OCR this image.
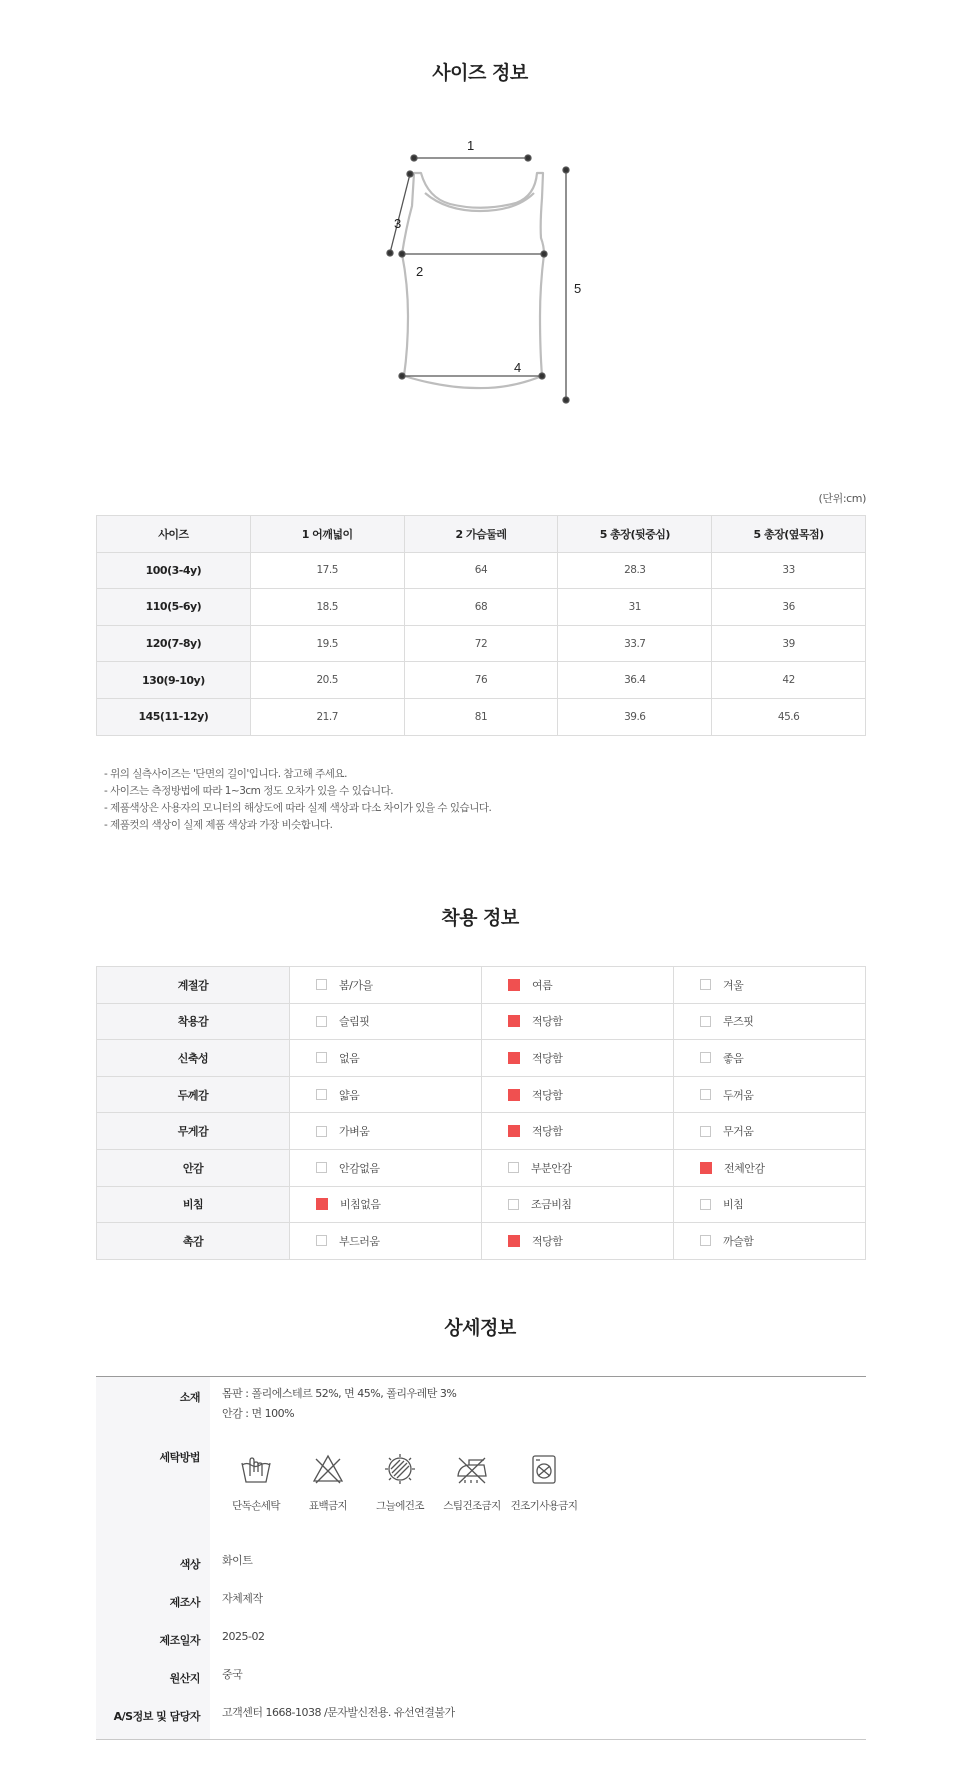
사이즈 정보
1
2
3
4
5
(단위:cm)
사이즈	1 어깨넓이	2 가슴둘레	5 총장(뒷중심)	5 총장(옆목점)
100(3-4y)	17.5	64	28.3	33
110(5-6y)	18.5	68	31	36
120(7-8y)	19.5	72	33.7	39
130(9-10y)	20.5	76	36.4	42
145(11-12y)	21.7	81	39.6	45.6
- 위의 실측사이즈는 '단면의 길이'입니다. 참고해 주세요.
- 사이즈는 측정방법에 따라 1~3cm 정도 오차가 있을 수 있습니다.
- 제품색상은 사용자의 모니터의 해상도에 따라 실제 색상과 다소 차이가 있을 수 있습니다.
- 제품컷의 색상이 실제 제품 색상과 가장 비슷합니다.
착용 정보
계절감	봄/가을	여름	겨울

착용감	슬림핏	적당함	루즈핏

신축성	없음	적당함	좋음

두께감	얇음	적당함	두꺼움

무게감	가벼움	적당함	무거움

안감	안감없음	부분안감	전체안감

비침	비침없음	조금비침	비침

촉감	부드러움	적당함	까슬함
상세정보
소재 몸판 : 폴리에스테르 52%, 면 45%, 폴리우레탄 3%
안감 : 면 100%
세탁방법
단독손세탁	표백금지	그늘에건조	스팀건조금지 건조기사용금지
색상 화이트
제조사 자체제작
제조일자 2025-02
원산지 중국
A/S정보 및 담당자 고객센터 1668-1038 /문자발신전용. 유선연결불가
